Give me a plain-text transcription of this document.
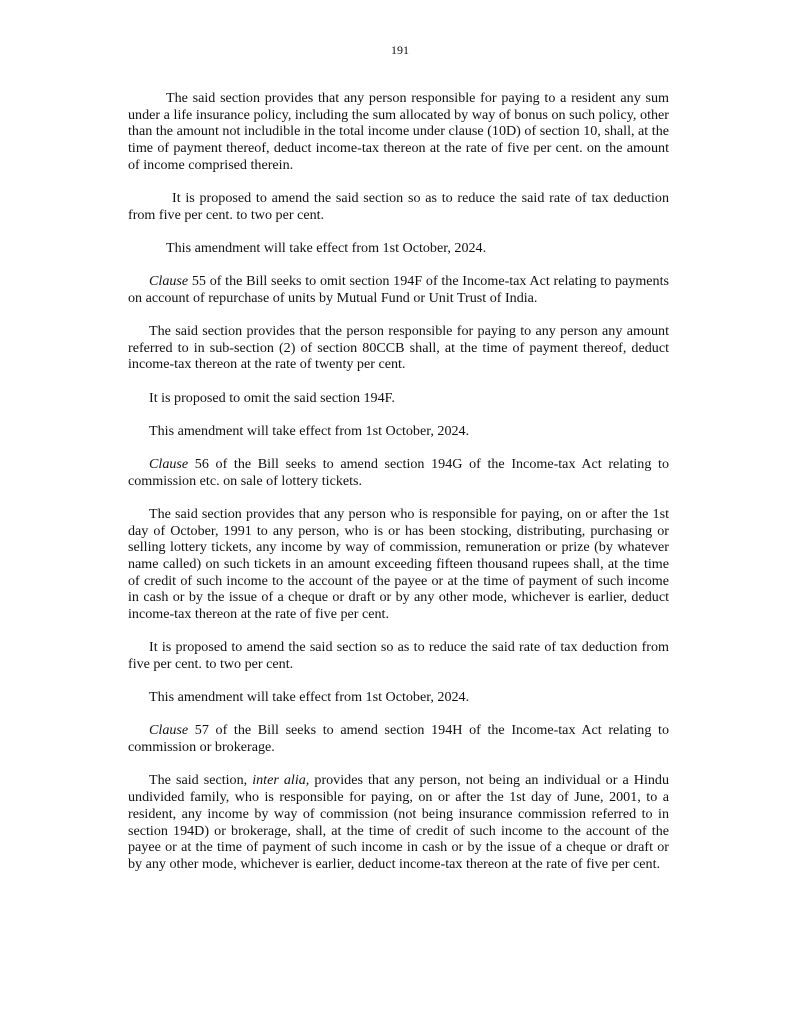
191

The said section provides that any person responsible for paying to a resident any sum under a life insurance policy, including the sum allocated by way of bonus on such policy, other than the amount not includible in the total income under clause (10D) of section 10, shall, at the time of payment thereof, deduct income-tax thereon at the rate of five per cent. on the amount of income comprised therein.

It is proposed to amend the said section so as to reduce the said rate of tax deduction from five per cent. to two per cent.

This amendment will take effect from 1st October, 2024.

Clause 55 of the Bill seeks to omit section 194F of the Income-tax Act relating to payments on account of repurchase of units by Mutual Fund or Unit Trust of India.

The said section provides that the person responsible for paying to any person any amount referred to in sub-section (2) of section 80CCB shall, at the time of payment thereof, deduct income-tax thereon at the rate of twenty per cent.

It is proposed to omit the said section 194F.

This amendment will take effect from 1st October, 2024.

Clause 56 of the Bill seeks to amend section 194G of the Income-tax Act relating to commission etc. on sale of lottery tickets.

The said section provides that any person who is responsible for paying, on or after the 1st day of October, 1991 to any person, who is or has been stocking, distributing, purchasing or selling lottery tickets, any income by way of commission, remuneration or prize (by whatever name called) on such tickets in an amount exceeding fifteen thousand rupees shall, at the time of credit of such income to the account of the payee or at the time of payment of such income in cash or by the issue of a cheque or draft or by any other mode, whichever is earlier, deduct income-tax thereon at the rate of five per cent.

It is proposed to amend the said section so as to reduce the said rate of tax deduction from five per cent. to two per cent.

This amendment will take effect from 1st October, 2024.

Clause 57 of the Bill seeks to amend section 194H of the Income-tax Act relating to commission or brokerage.

The said section, inter alia, provides that any person, not being an individual or a Hindu undivided family, who is responsible for paying, on or after the 1st day of June, 2001, to a resident, any income by way of commission (not being insurance commission referred to in section 194D) or brokerage, shall, at the time of credit of such income to the account of the payee or at the time of payment of such income in cash or by the issue of a cheque or draft or by any other mode, whichever is earlier, deduct income-tax thereon at the rate of five per cent.
